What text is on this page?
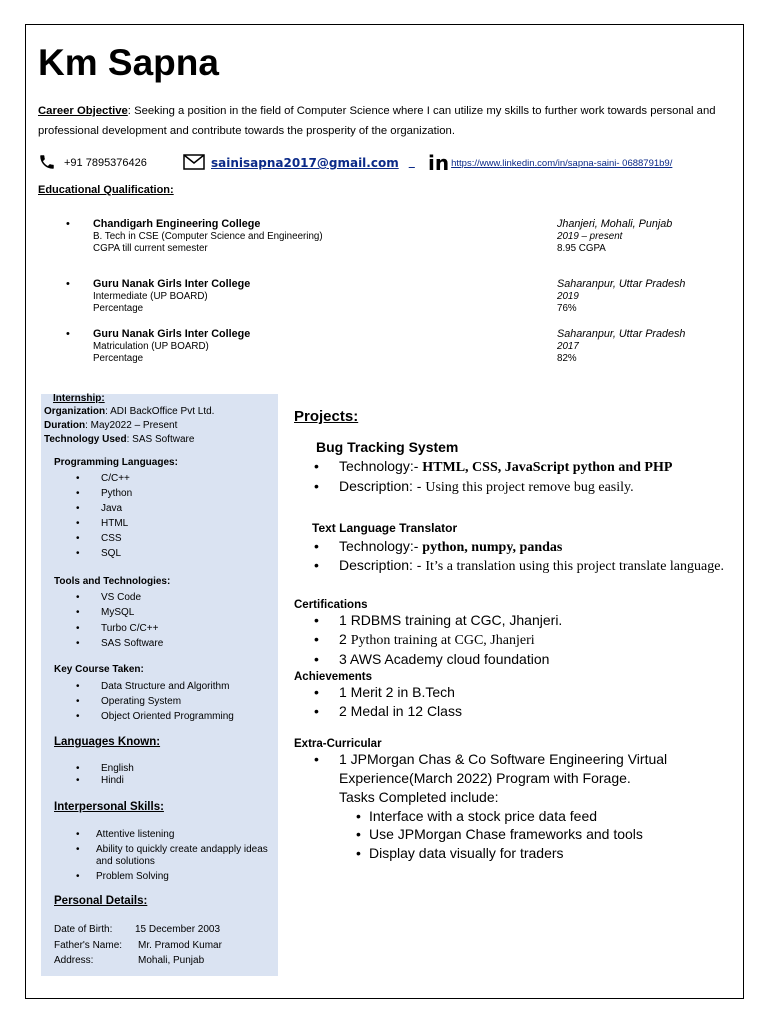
Km Sapna
Career Objective: Seeking a position in the field of Computer Science where I can utilize my skills to further work towards personal and professional development and contribute towards the prosperity of the organization.
+91 7895376426	sainisapna2017@gmail.com
in https://www.linkedin.com/in/sapna-saini- 0688791b9/
Educational Qualification:
• Chandigarh Engineering College
B. Tech in CSE (Computer Science and Engineering)
CGPA till current semester
Jhanjeri, Mohali, Punjab
2019 – present
8.95 CGPA
• Guru Nanak Girls Inter College
Intermediate (UP BOARD)
Percentage
Saharanpur, Uttar Pradesh
2019
76%
• Guru Nanak Girls Inter College
Matriculation (UP BOARD)
Percentage
Saharanpur, Uttar Pradesh
2017
82%
Internship:
Organization: ADI BackOffice Pvt Ltd.
Duration: May2022 – Present
Technology Used: SAS Software
Programming Languages:
• C/C++
• Python
• Java
• HTML
• CSS
• SQL
Tools and Technologies:
• VS Code
• MySQL
• Turbo C/C++
• SAS Software
Key Course Taken:
• Data Structure and Algorithm
• Operating System
• Object Oriented Programming
Languages Known:
• English
• Hindi
Interpersonal Skills:
• Attentive listening
• Ability to quickly create andapply ideas and solutions
• Problem Solving
Personal Details:
Date of Birth: 15 December 2003
Father's Name: Mr. Pramod Kumar
Address:	Mohali, Punjab
Projects:
Bug Tracking System
• Technology:- HTML, CSS, JavaScript python and PHP
• Description: - Using this project remove bug easily.
Text Language Translator
• Technology:- python, numpy, pandas
• Description: - It’s a translation using this project translate language.
Certifications
• 1 RDBMS training at CGC, Jhanjeri.
• 2 Python training at CGC, Jhanjeri
• 3 AWS Academy cloud foundation
Achievements
• 1 Merit 2 in B.Tech
• 2 Medal in 12 Class
Extra-Curricular
• 1 JPMorgan Chas & Co Software Engineering Virtual Experience(March 2022) Program with Forage.
Tasks Completed include:
• Interface with a stock price data feed
• Use JPMorgan Chase frameworks and tools
• Display data visually for traders
